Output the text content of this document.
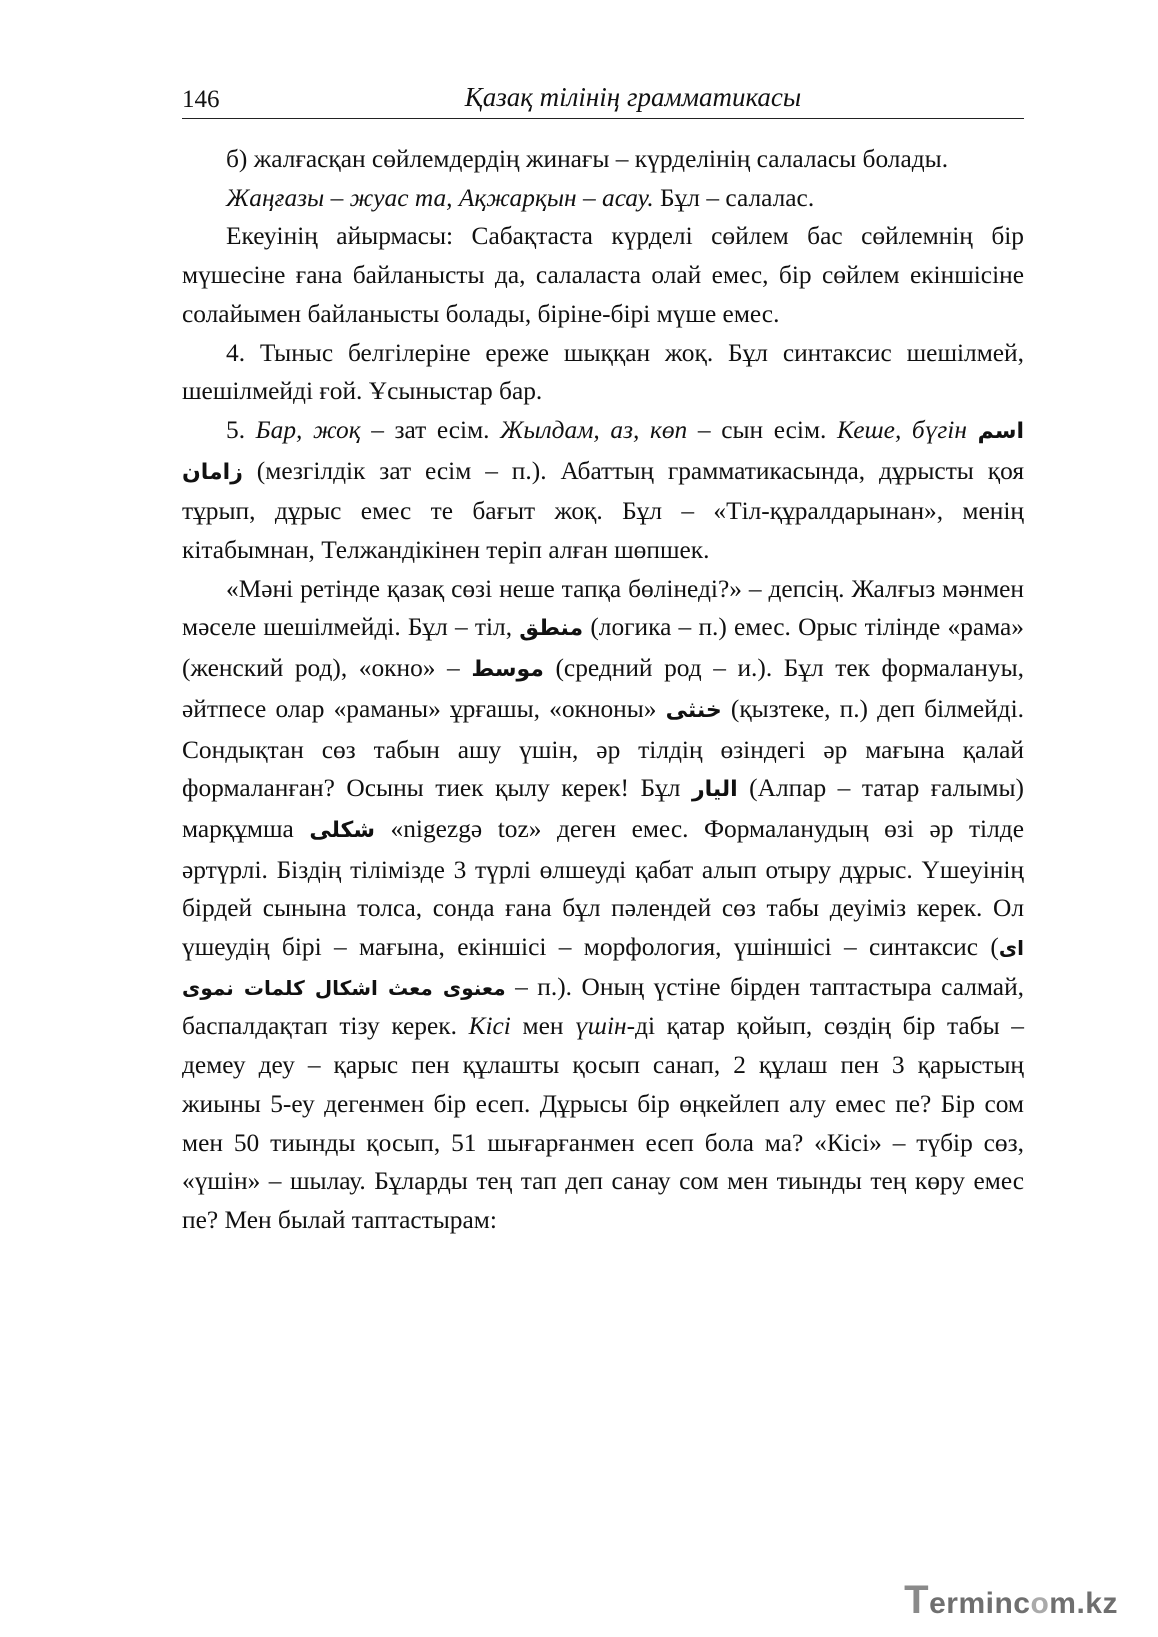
146	Қазақ тілінің грамматикасы

б) жалғасқан сөйлемдердің жинағы – күрделінің салаласы болады.

Жаңғазы – жуас та, Ақжарқын – асау. Бұл – салалас.

Екеуінің айырмасы: Сабақтаста күрделі сөйлем бас сөйлемнің бір мүшесіне ғана байланысты да, салаласта олай емес, бір сөйлем екіншісіне солайымен байланысты болады, біріне-бірі мүше емес.

4. Тыныс белгілеріне ереже шыққан жоқ. Бұл синтаксис шешілмей, шешілмейді ғой. Ұсыныстар бар.

5. Бар, жоқ – зат есім. Жылдам, аз, көп – сын есім. Кеше, бүгін اسم زامان (мезгілдік зат есім – п.). Абаттың грамматикасында, дұрысты қоя тұрып, дұрыс емес те бағыт жоқ. Бұл – «Тіл-құралдарынан», менің кітабымнан, Телжандікінен теріп алған шөпшек.

«Мәні ретінде қазақ сөзі неше тапқа бөлінеді?» – депсің. Жалғыз мәнмен мәселе шешілмейді. Бұл – тіл, منطق (логика – п.) емес. Орыс тілінде «рама» (женский род), «окно» – موسط (средний род – и.). Бұл тек формалануы, әйтпесе олар «раманы» ұрғашы, «окноны» خنثى (қызтеке, п.) деп білмейді. Сондықтан сөз табын ашу үшін, әр тілдің өзіндегі әр мағына қалай формаланған? Осыны тиек қылу керек! Бұл اليار (Алпар – татар ғалымы) марқұмша شكلى «nigezgə toz» деген емес. Формаланудың өзі әр тілде әртүрлі. Біздің тілімізде 3 түрлі өлшеуді қабат алып отыру дұрыс. Үшеуінің бірдей сынына толса, сонда ғана бұл пәлендей сөз табы деуіміз керек. Ол үшеудің бірі – мағына, екіншісі – морфология, үшіншісі – синтаксис (اى معنوى معث اشكال كلمات نموى – п.). Оның үстіне бірден таптастыра салмай, баспалдақтап тізу керек. Кісі мен үшін-ді қатар қойып, сөздің бір табы – демеу деу – қарыс пен құлашты қосып санап, 2 құлаш пен 3 қарыстың жиыны 5-еу дегенмен бір есеп. Дұрысы бір өңкейлеп алу емес пе? Бір сом мен 50 тиынды қосып, 51 шығарғанмен есеп бола ма? «Кісі» – түбір сөз, «үшін» – шылау. Бұларды тең тап деп санау сом мен тиынды тең көру емес пе? Мен былай таптастырам:

Termincom.kz
